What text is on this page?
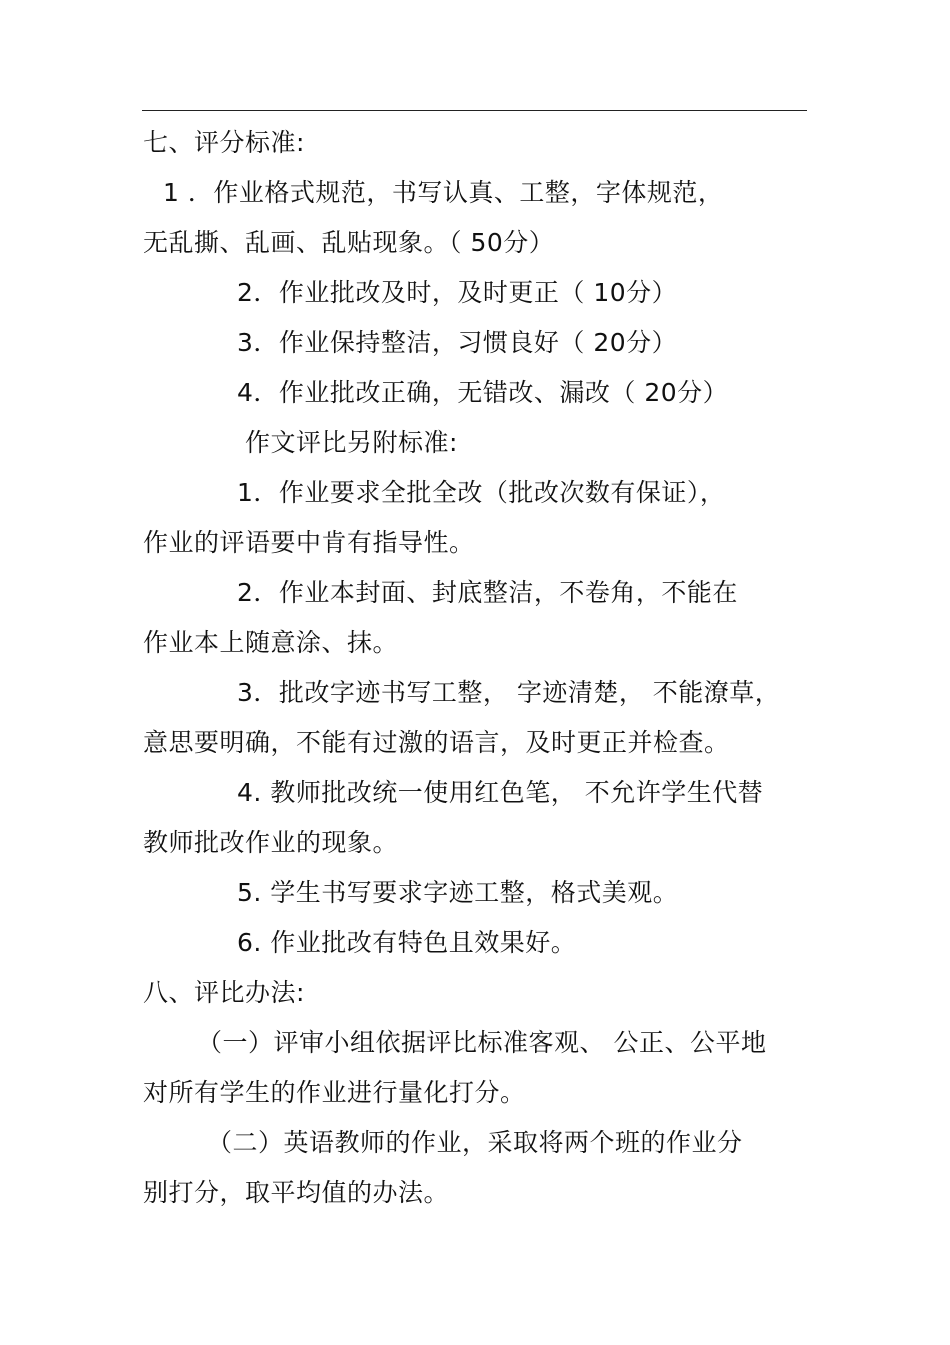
七、评分标准:
1 ．作业格式规范，书写认真、工整，字体规范，
无乱撕、乱画、乱贴现象。（ 50分）
2．作业批改及时，及时更正（ 10分）
3．作业保持整洁，习惯良好（ 20分）
4．作业批改正确，无错改、漏改（ 20分）
作文评比另附标准:
1．作业要求全批全改（批改次数有保证），
作业的评语要中肯有指导性。
2．作业本封面、封底整洁，不卷角，不能在
作业本上随意涂、抹。
3．批改字迹书写工整， 字迹清楚， 不能潦草，
意思要明确，不能有过激的语言，及时更正并检查。
4. 教师批改统一使用红色笔， 不允许学生代替
教师批改作业的现象。
5. 学生书写要求字迹工整，格式美观。
6. 作业批改有特色且效果好。
八、评比办法:
（一）评审小组依据评比标准客观、 公正、公平地
对所有学生的作业进行量化打分。
（二）英语教师的作业，采取将两个班的作业分
别打分，取平均值的办法。
